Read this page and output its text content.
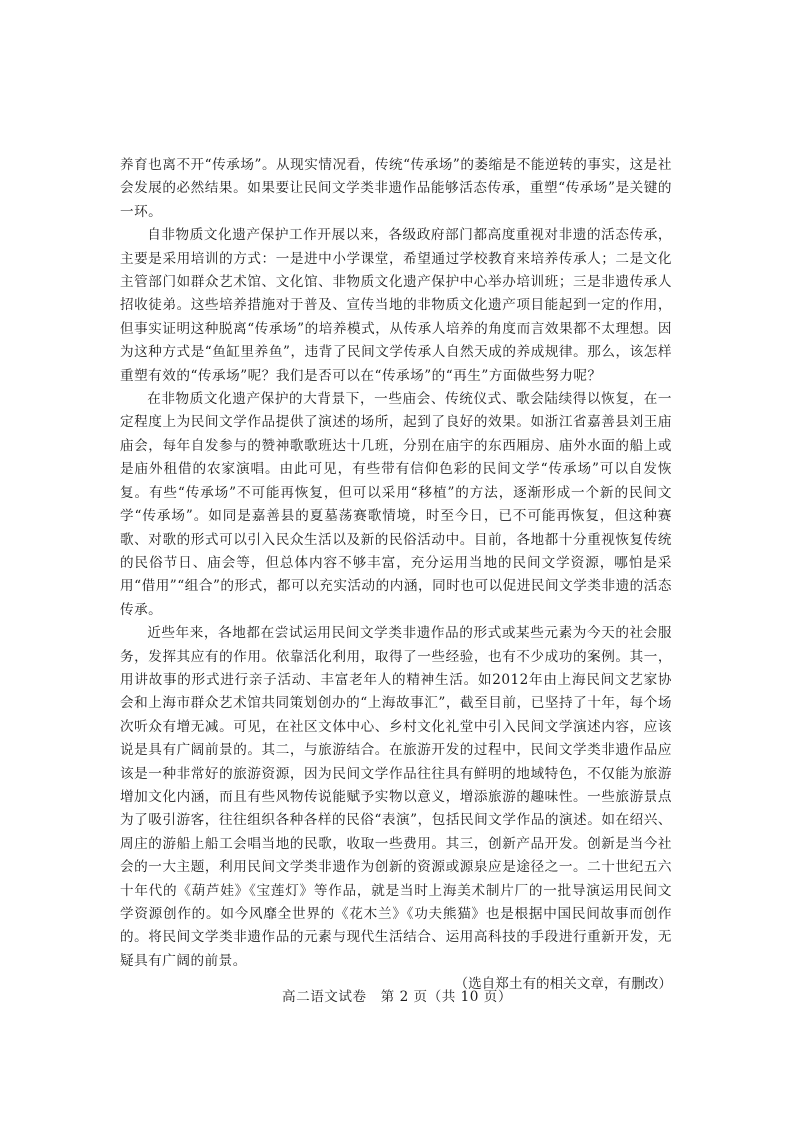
养育也离不开“传承场”。从现实情况看，传统“传承场”的萎缩是不能逆转的事实，这是社会发展的必然结果。如果要让民间文学类非遗作品能够活态传承，重塑“传承场”是关键的一环。

自非物质文化遗产保护工作开展以来，各级政府部门都高度重视对非遗的活态传承，主要是采用培训的方式：一是进中小学课堂，希望通过学校教育来培养传承人；二是文化主管部门如群众艺术馆、文化馆、非物质文化遗产保护中心举办培训班；三是非遗传承人招收徒弟。这些培养措施对于普及、宣传当地的非物质文化遗产项目能起到一定的作用，但事实证明这种脱离“传承场”的培养模式，从传承人培养的角度而言效果都不太理想。因为这种方式是“鱼缸里养鱼”，违背了民间文学传承人自然天成的养成规律。那么，该怎样重塑有效的“传承场”呢？我们是否可以在“传承场”的“再生”方面做些努力呢？

在非物质文化遗产保护的大背景下，一些庙会、传统仪式、歌会陆续得以恢复，在一定程度上为民间文学作品提供了演述的场所，起到了良好的效果。如浙江省嘉善县刘王庙庙会，每年自发参与的赞神歌歌班达十几班，分别在庙宇的东西厢房、庙外水面的船上或是庙外租借的农家演唱。由此可见，有些带有信仰色彩的民间文学“传承场”可以自发恢复。有些“传承场”不可能再恢复，但可以采用“移植”的方法，逐渐形成一个新的民间文学“传承场”。如同是嘉善县的夏墓荡赛歌情境，时至今日，已不可能再恢复，但这种赛歌、对歌的形式可以引入民众生活以及新的民俗活动中。目前，各地都十分重视恢复传统的民俗节日、庙会等，但总体内容不够丰富，充分运用当地的民间文学资源，哪怕是采用“借用”“组合”的形式，都可以充实活动的内涵，同时也可以促进民间文学类非遗的活态传承。

近些年来，各地都在尝试运用民间文学类非遗作品的形式或某些元素为今天的社会服务，发挥其应有的作用。依靠活化利用，取得了一些经验，也有不少成功的案例。其一，用讲故事的形式进行亲子活动、丰富老年人的精神生活。如2012年由上海民间文艺家协会和上海市群众艺术馆共同策划创办的“上海故事汇”，截至目前，已坚持了十年，每个场次听众有增无减。可见，在社区文体中心、乡村文化礼堂中引入民间文学演述内容，应该说是具有广阔前景的。其二，与旅游结合。在旅游开发的过程中，民间文学类非遗作品应该是一种非常好的旅游资源，因为民间文学作品往往具有鲜明的地域特色，不仅能为旅游增加文化内涵，而且有些风物传说能赋予实物以意义，增添旅游的趣味性。一些旅游景点为了吸引游客，往往组织各种各样的民俗“表演”，包括民间文学作品的演述。如在绍兴、周庄的游船上船工会唱当地的民歌，收取一些费用。其三，创新产品开发。创新是当今社会的一大主题，利用民间文学类非遗作为创新的资源或源泉应是途径之一。二十世纪五六十年代的《葫芦娃》《宝莲灯》等作品，就是当时上海美术制片厂的一批导演运用民间文学资源创作的。如今风靡全世界的《花木兰》《功夫熊猫》也是根据中国民间故事而创作的。将民间文学类非遗作品的元素与现代生活结合、运用高科技的手段进行重新开发，无疑具有广阔的前景。

（选自郑土有的相关文章，有删改）

高二语文试卷　第 2 页（共 10 页）
